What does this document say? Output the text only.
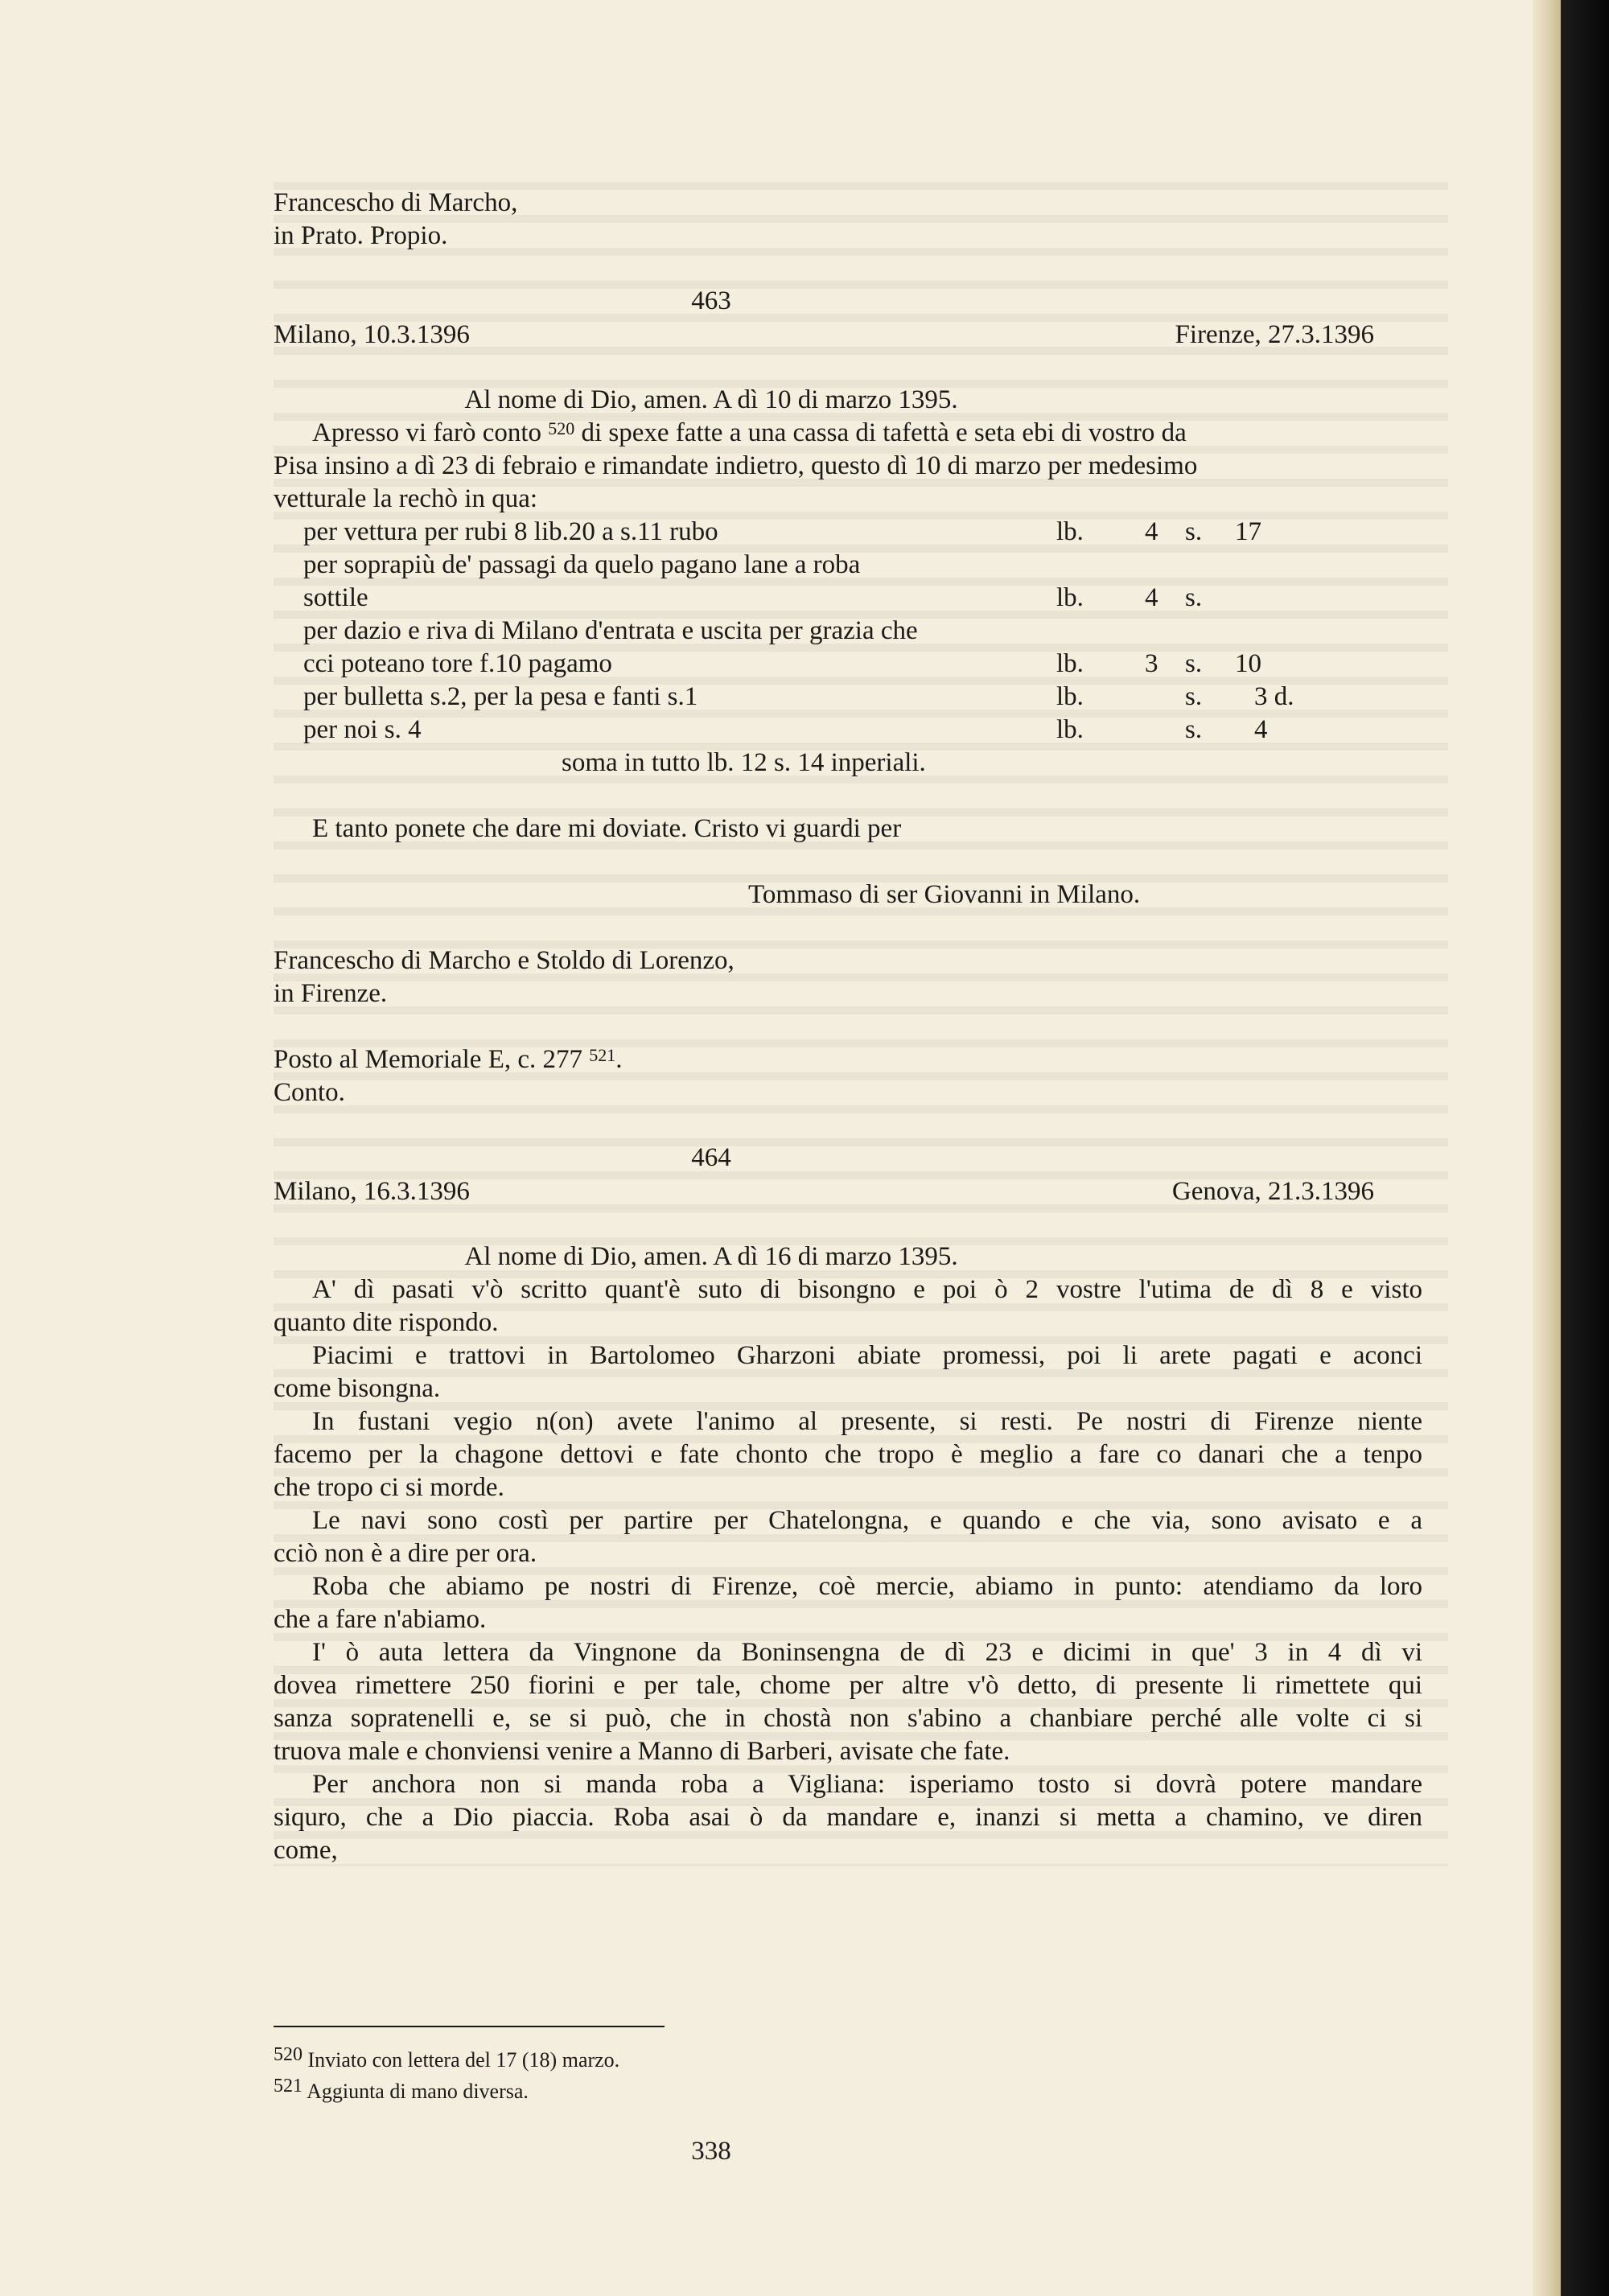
Francescho di Marcho,
in Prato. Propio.
463
Milano, 10.3.1396	Firenze, 27.3.1396
Al nome di Dio, amen. A dì 10 di marzo 1395.
Apresso vi farò conto $^{520}$ di spexe fatte a una cassa di tafettà e seta ebi di vostro da
Pisa insino a dì 23 di febraio e rimandate indietro, questo dì 10 di marzo per medesimo
vetturale la rechò in qua:
per vettura per rubi 8 lib.20 a s.11 rubo	lb. 4 s. 17
per soprapiù de' passagi da quelo pagano lane a roba
sottile	lb. 4 s.
per dazio e riva di Milano d'entrata e uscita per grazia che
cci poteano tore f.10 pagamo	lb. 3 s. 10
per bulletta s.2, per la pesa e fanti s.1	lb.	s. 3 d.
per noi s. 4	lb.	s. 4
soma in tutto lb. 12 s. 14 inperiali.
E tanto ponete che dare mi doviate. Cristo vi guardi per
Tommaso di ser Giovanni in Milano.
Francescho di Marcho e Stoldo di Lorenzo,
in Firenze.
Posto al Memoriale E, c. 277 $^{521}$.
Conto.
464
Milano, 16.3.1396	Genova, 21.3.1396
Al nome di Dio, amen. A dì 16 di marzo 1395.
A' dì pasati v'ò scritto quant'è suto di bisongno e poi ò 2 vostre l'utima de dì 8 e visto
quanto dite rispondo.
Piacimi e trattovi in Bartolomeo Gharzoni abiate promessi, poi li arete pagati e aconci
come bisongna.
In fustani vegio n(on) avete l'animo al presente, si resti. Pe nostri di Firenze niente
facemo per la chagone dettovi e fate chonto che tropo è meglio a fare co danari che a tenpo
che tropo ci si morde.
Le navi sono costì per partire per Chatelongna, e quando e che via, sono avisato e a
cciò non è a dire per ora.
Roba che abiamo pe nostri di Firenze, coè mercie, abiamo in punto: atendiamo da loro
che a fare n'abiamo.
I' ò auta lettera da Vingnone da Boninsengna de dì 23 e dicimi in que' 3 in 4 dì vi
dovea rimettere 250 fiorini e per tale, chome per altre v'ò detto, di presente li rimettete qui
sanza sopratenelli e, se si può, che in chostà non s'abino a chanbiare perché alle volte ci si
truova male e chonviensi venire a Manno di Barberi, avisate che fate.
Per anchora non si manda roba a Vigliana: isperiamo tosto si dovrà potere mandare
siquro, che a Dio piaccia. Roba asai ò da mandare e, inanzi si metta a chamino, ve diren
come,
520 Inviato con lettera del 17 (18) marzo.
521 Aggiunta di mano diversa.
338
